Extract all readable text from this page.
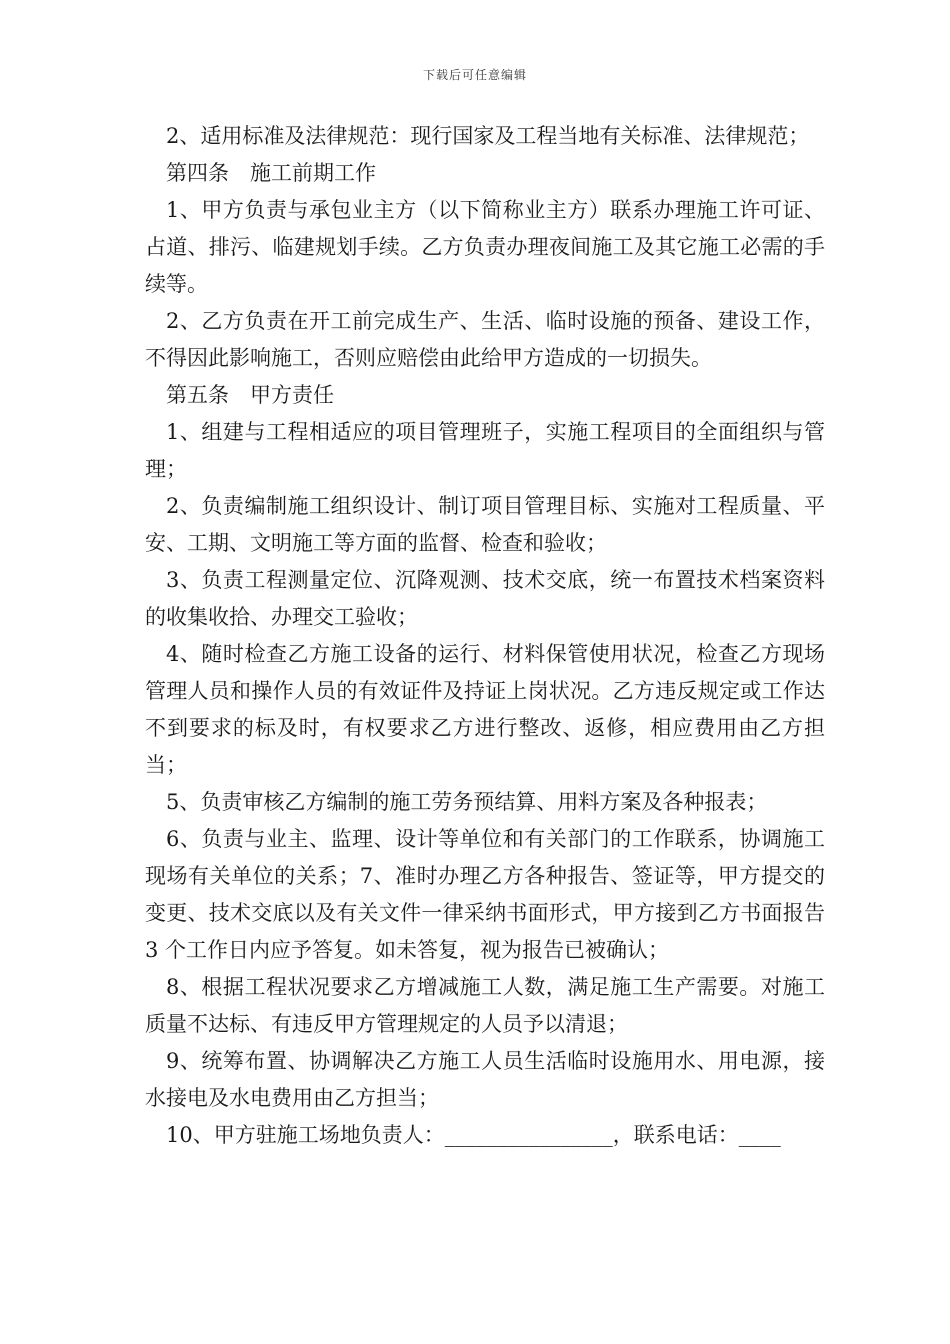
下载后可任意编辑

2、适用标准及法律规范：现行国家及工程当地有关标准、法律规范；

第四条　施工前期工作

1、甲方负责与承包业主方（以下简称业主方）联系办理施工许可证、占道、排污、临建规划手续。乙方负责办理夜间施工及其它施工必需的手续等。

2、乙方负责在开工前完成生产、生活、临时设施的预备、建设工作，不得因此影响施工，否则应赔偿由此给甲方造成的一切损失。

第五条　甲方责任

1、组建与工程相适应的项目管理班子，实施工程项目的全面组织与管理；

2、负责编制施工组织设计、制订项目管理目标、实施对工程质量、平安、工期、文明施工等方面的监督、检查和验收；

3、负责工程测量定位、沉降观测、技术交底，统一布置技术档案资料的收集收拾、办理交工验收；

4、随时检查乙方施工设备的运行、材料保管使用状况，检查乙方现场管理人员和操作人员的有效证件及持证上岗状况。乙方违反规定或工作达不到要求的标及时，有权要求乙方进行整改、返修，相应费用由乙方担当；

5、负责审核乙方编制的施工劳务预结算、用料方案及各种报表；

6、负责与业主、监理、设计等单位和有关部门的工作联系，协调施工现场有关单位的关系；7、准时办理乙方各种报告、签证等，甲方提交的变更、技术交底以及有关文件一律采纳书面形式，甲方接到乙方书面报告 3 个工作日内应予答复。如未答复，视为报告已被确认；

8、根据工程状况要求乙方增减施工人数，满足施工生产需要。对施工质量不达标、有违反甲方管理规定的人员予以清退；

9、统筹布置、协调解决乙方施工人员生活临时设施用水、用电源，接水接电及水电费用由乙方担当；

10、甲方驻施工场地负责人：________________，联系电话：____
